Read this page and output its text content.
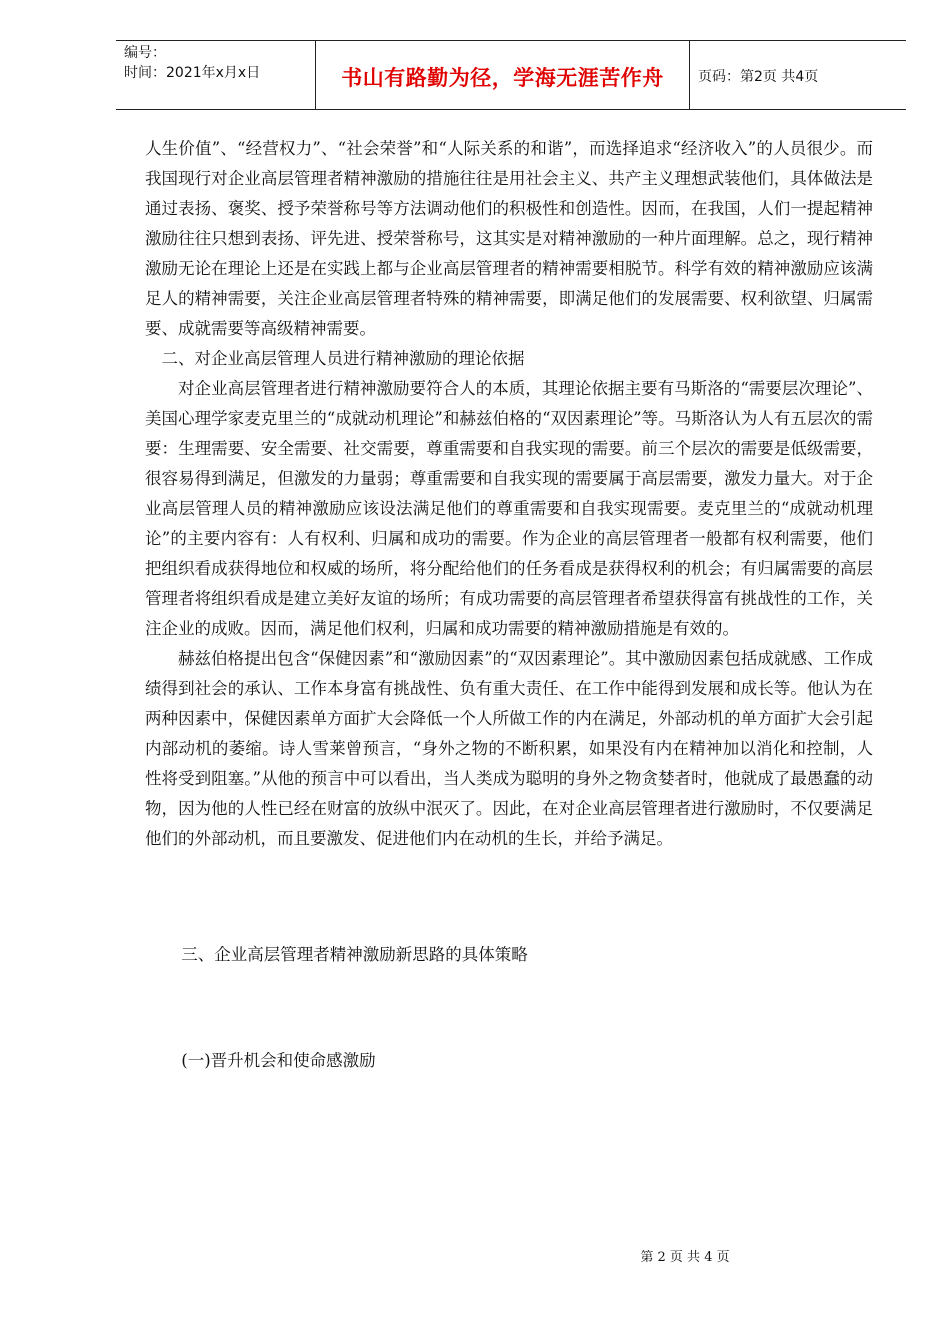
编号：
时间：2021年x月x日	书山有路勤为径，学海无涯苦作舟	页码：第2页 共4页

人生价值”、“经营权力”、“社会荣誉”和“人际关系的和谐”，而选择追求“经济收入”的人员很少。而我国现行对企业高层管理者精神激励的措施往往是用社会主义、共产主义理想武装他们，具体做法是通过表扬、褒奖、授予荣誉称号等方法调动他们的积极性和创造性。因而，在我国，人们一提起精神激励往往只想到表扬、评先进、授荣誉称号，这其实是对精神激励的一种片面理解。总之，现行精神激励无论在理论上还是在实践上都与企业高层管理者的精神需要相脱节。科学有效的精神激励应该满足人的精神需要，关注企业高层管理者特殊的精神需要，即满足他们的发展需要、权利欲望、归属需要、成就需要等高级精神需要。

二、对企业高层管理人员进行精神激励的理论依据

对企业高层管理者进行精神激励要符合人的本质，其理论依据主要有马斯洛的“需要层次理论”、美国心理学家麦克里兰的“成就动机理论”和赫兹伯格的“双因素理论”等。马斯洛认为人有五层次的需要：生理需要、安全需要、社交需要，尊重需要和自我实现的需要。前三个层次的需要是低级需要，很容易得到满足，但激发的力量弱；尊重需要和自我实现的需要属于高层需要，激发力量大。对于企业高层管理人员的精神激励应该设法满足他们的尊重需要和自我实现需要。麦克里兰的“成就动机理论”的主要内容有：人有权利、归属和成功的需要。作为企业的高层管理者一般都有权利需要，他们把组织看成获得地位和权威的场所，将分配给他们的任务看成是获得权利的机会；有归属需要的高层管理者将组织看成是建立美好友谊的场所；有成功需要的高层管理者希望获得富有挑战性的工作，关注企业的成败。因而，满足他们权利，归属和成功需要的精神激励措施是有效的。

赫兹伯格提出包含“保健因素”和“激励因素”的“双因素理论”。其中激励因素包括成就感、工作成绩得到社会的承认、工作本身富有挑战性、负有重大责任、在工作中能得到发展和成长等。他认为在两种因素中，保健因素单方面扩大会降低一个人所做工作的内在满足，外部动机的单方面扩大会引起内部动机的萎缩。诗人雪莱曾预言，“身外之物的不断积累，如果没有内在精神加以消化和控制，人性将受到阻塞。”从他的预言中可以看出，当人类成为聪明的身外之物贪婪者时，他就成了最愚蠢的动物，因为他的人性已经在财富的放纵中泯灭了。因此，在对企业高层管理者进行激励时，不仅要满足他们的外部动机，而且要激发、促进他们内在动机的生长，并给予满足。

三、企业高层管理者精神激励新思路的具体策略

(一)晋升机会和使命感激励

第 2 页 共 4 页
